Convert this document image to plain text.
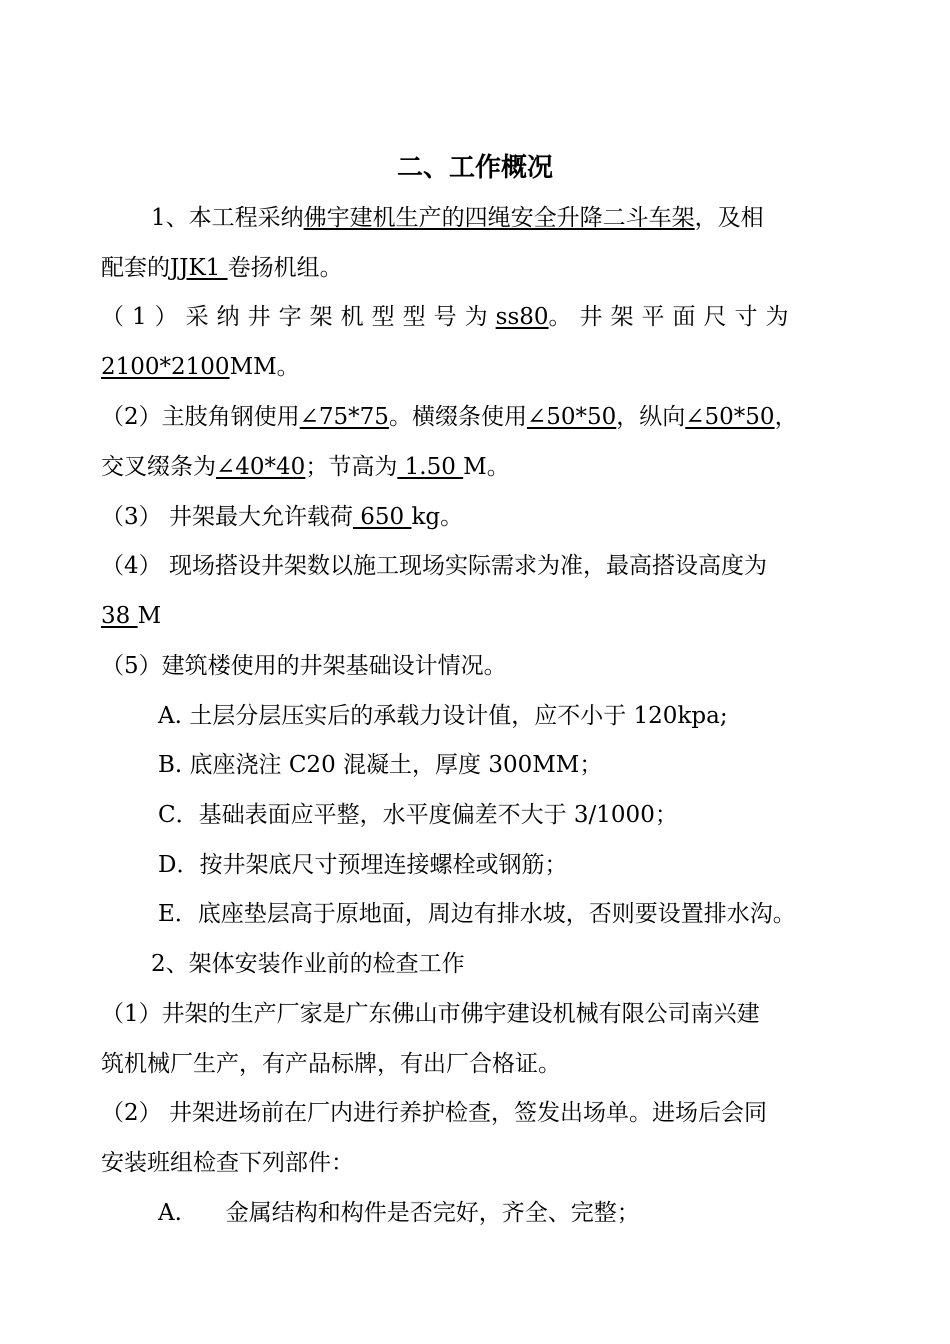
二、工作概况
1、本工程采纳佛宇建机生产的四绳安全升降二斗车架，及相
配套的JJK1 卷扬机组。
（1）采纳井字架机型型号为ss80。井架平面尺寸为
2100*2100MM。
（2）主肢角钢使用∠75*75。横缀条使用∠50*50，纵向∠50*50，
交叉缀条为∠40*40；节高为 1.50 M。
（3） 井架最大允许载荷 650 kg。
（4） 现场搭设井架数以施工现场实际需求为准，最高搭设高度为
38 M
（5）建筑楼使用的井架基础设计情况。
A. 土层分层压实后的承载力设计值，应不小于 120kpa;
B. 底座浇注 C20 混凝土，厚度 300MM；
C．基础表面应平整，水平度偏差不大于 3/1000；
D．按井架底尺寸预埋连接螺栓或钢筋；
E．底座垫层高于原地面，周边有排水坡，否则要设置排水沟。
2、架体安装作业前的检查工作
（1）井架的生产厂家是广东佛山市佛宇建设机械有限公司南兴建
筑机械厂生产，有产品标牌，有出厂合格证。
（2） 井架进场前在厂内进行养护检查，签发出场单。进场后会同
安装班组检查下列部件：
A.      金属结构和构件是否完好，齐全、完整；
